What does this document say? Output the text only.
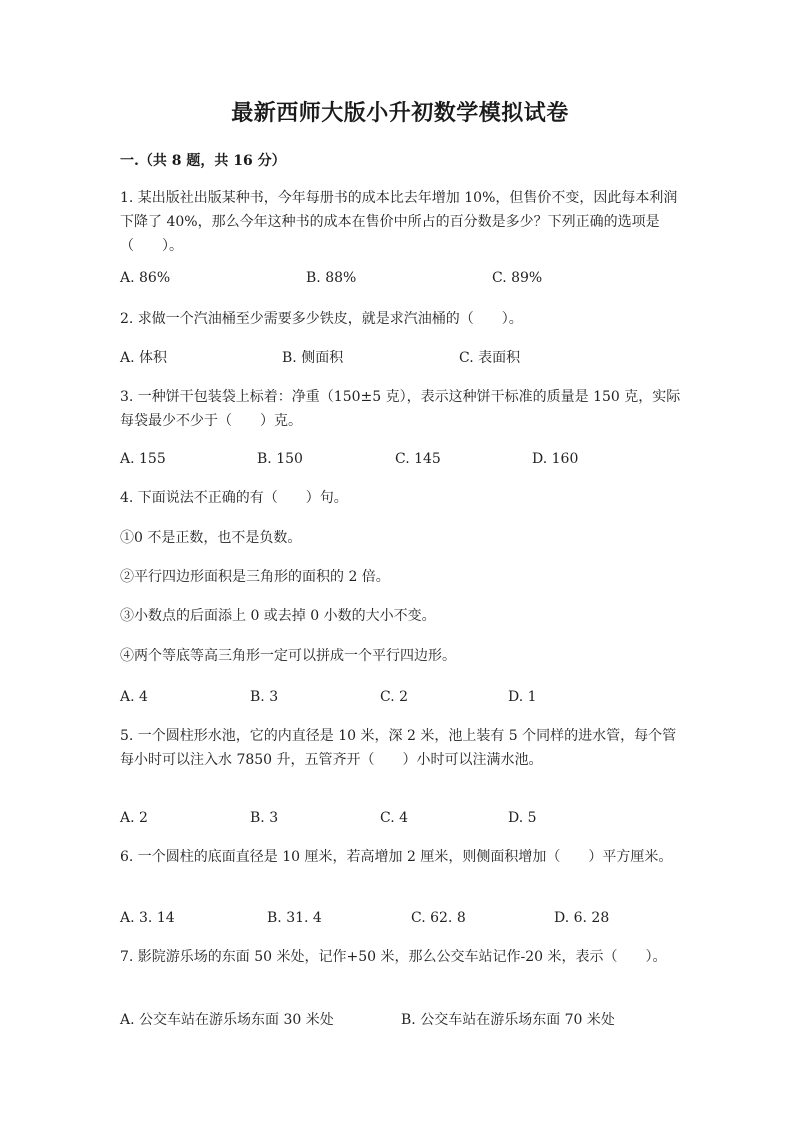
最新西师大版小升初数学模拟试卷
一.（共 8 题，共 16 分）
1. 某出版社出版某种书，今年每册书的成本比去年增加 10%，但售价不变，因此每本利润下降了 40%，那么今年这种书的成本在售价中所占的百分数是多少？下列正确的选项是（　　）。
A. 86%	B. 88%	C. 89%
2. 求做一个汽油桶至少需要多少铁皮，就是求汽油桶的（　　）。
A. 体积	B. 侧面积	C. 表面积
3. 一种饼干包装袋上标着：净重（150±5 克），表示这种饼干标准的质量是 150 克，实际每袋最少不少于（　　）克。
A. 155	B. 150	C. 145	D. 160
4. 下面说法不正确的有（　　）句。
①0 不是正数，也不是负数。
②平行四边形面积是三角形的面积的 2 倍。
③小数点的后面添上 0 或去掉 0 小数的大小不变。
④两个等底等高三角形一定可以拼成一个平行四边形。
A. 4	B. 3	C. 2	D. 1
5. 一个圆柱形水池，它的内直径是 10 米，深 2 米，池上装有 5 个同样的进水管，每个管每小时可以注入水 7850 升，五管齐开（　　）小时可以注满水池。
A. 2	B. 3	C. 4	D. 5
6. 一个圆柱的底面直径是 10 厘米，若高增加 2 厘米，则侧面积增加（　　）平方厘米。
A. 3. 14	B. 31. 4	C. 62. 8	D. 6. 28
7. 影院游乐场的东面 50 米处，记作+50 米，那么公交车站记作-20 米，表示（　　）。
A. 公交车站在游乐场东面 30 米处	B. 公交车站在游乐场东面 70 米处
